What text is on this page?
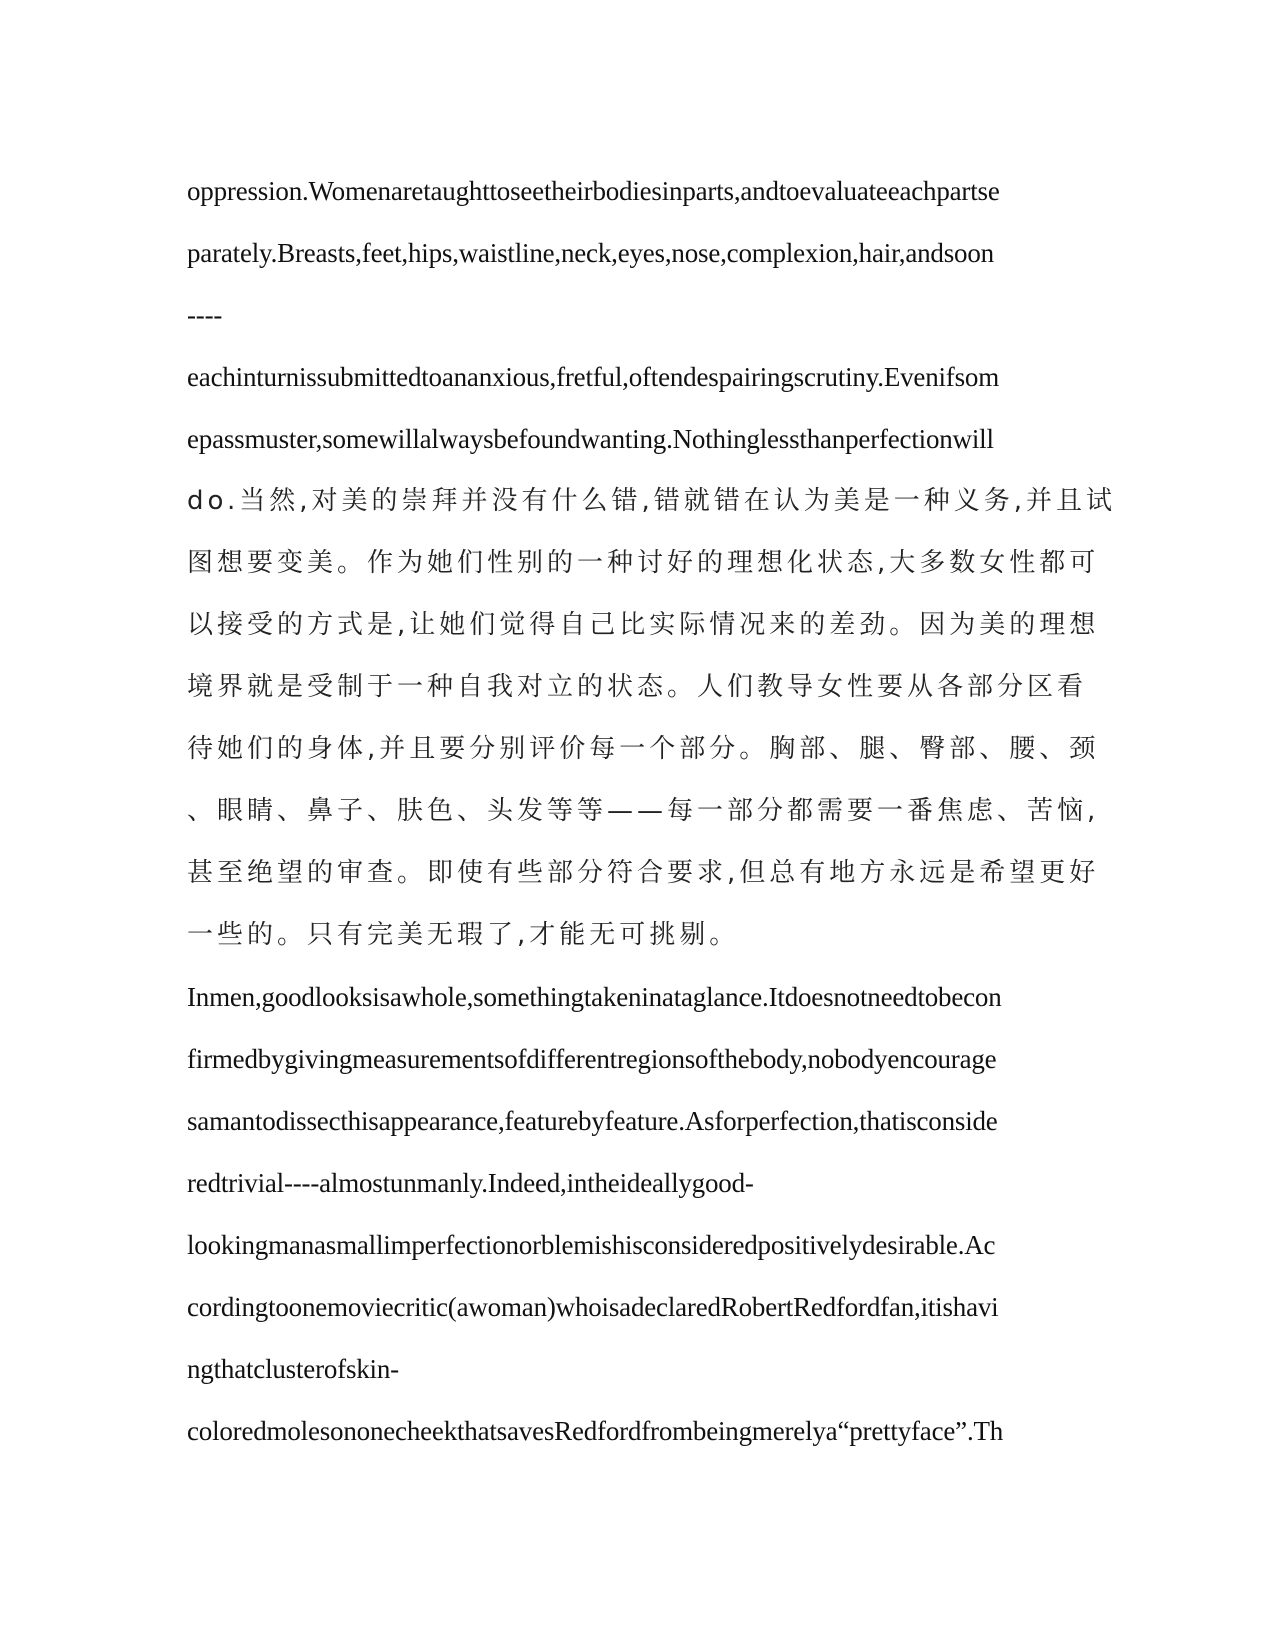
oppression.Womenaretaughttoseetheirbodiesinparts,andtoevaluateeachpartse
parately.Breasts,feet,hips,waistline,neck,eyes,nose,complexion,hair,andsoon
----
eachinturnissubmittedtoananxious,fretful,oftendespairingscrutiny.Evenifsom
epassmuster,somewillalwaysbefoundwanting.Nothinglessthanperfectionwill
do.当然,对美的崇拜并没有什么错,错就错在认为美是一种义务,并且试
图想要变美。作为她们性别的一种讨好的理想化状态,大多数女性都可
以接受的方式是,让她们觉得自己比实际情况来的差劲。因为美的理想
境界就是受制于一种自我对立的状态。人们教导女性要从各部分区看
待她们的身体,并且要分别评价每一个部分。胸部、腿、臀部、腰、颈
、眼睛、鼻子、肤色、头发等等——每一部分都需要一番焦虑、苦恼,
甚至绝望的审查。即使有些部分符合要求,但总有地方永远是希望更好
一些的。只有完美无瑕了,才能无可挑剔。
Inmen,goodlooksisawhole,somethingtakeninataglance.Itdoesnotneedtobecon
firmedbygivingmeasurementsofdifferentregionsofthebody,nobodyencourage
samantodissecthisappearance,featurebyfeature.Asforperfection,thatisconside
redtrivial----almostunmanly.Indeed,intheideallygood-
lookingmanasmallimperfectionorblemishisconsideredpositivelydesirable.Ac
cordingtoonemoviecritic(awoman)whoisadeclaredRobertRedfordfan,itishavi
ngthatclusterofskin-
coloredmolesononecheekthatsavesRedfordfrombeingmerelya“prettyface”.Th
